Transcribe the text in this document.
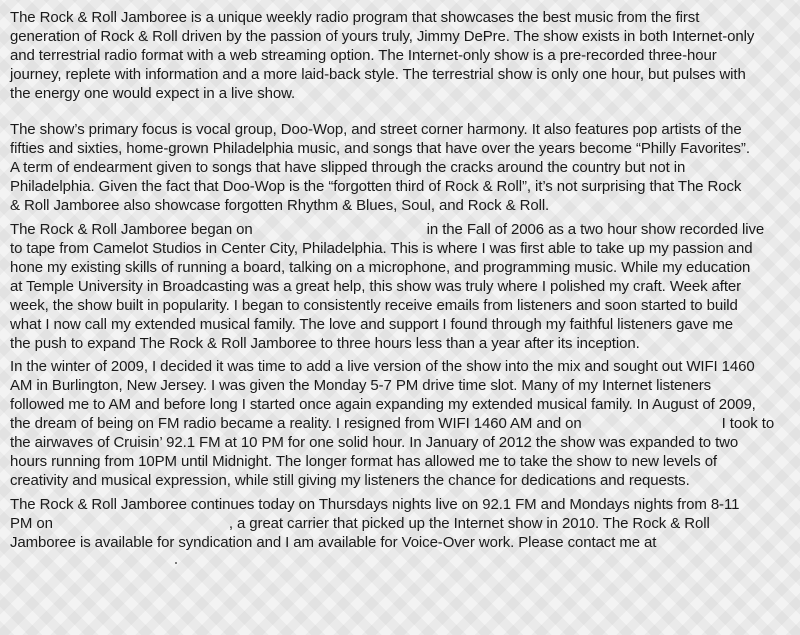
The Rock & Roll Jamboree is a unique weekly radio program that showcases the best music from the first
generation of Rock & Roll driven by the passion of yours truly, Jimmy DePre. The show exists in both Internet-only
and terrestrial radio format with a web streaming option. The Internet-only show is a pre-recorded three-hour
journey, replete with information and a more laid-back style. The terrestrial show is only one hour, but pulses with
the energy one would expect in a live show.

The show’s primary focus is vocal group, Doo-Wop, and street corner harmony. It also features pop artists of the
fifties and sixties, home-grown Philadelphia music, and songs that have over the years become “Philly Favorites”.
A term of endearment given to songs that have slipped through the cracks around the country but not in
Philadelphia. Given the fact that Doo-Wop is the “forgotten third of Rock & Roll”, it’s not surprising that The Rock
& Roll Jamboree also showcase forgotten Rhythm & Blues, Soul, and Rock & Roll.

The Rock & Roll Jamboree began on	in the Fall of 2006 as a two hour show recorded live
to tape from Camelot Studios in Center City, Philadelphia. This is where I was first able to take up my passion and
hone my existing skills of running a board, talking on a microphone, and programming music. While my education
at Temple University in Broadcasting was a great help, this show was truly where I polished my craft. Week after
week, the show built in popularity. I began to consistently receive emails from listeners and soon started to build
what I now call my extended musical family. The love and support I found through my faithful listeners gave me
the push to expand The Rock & Roll Jamboree to three hours less than a year after its inception.

In the winter of 2009, I decided it was time to add a live version of the show into the mix and sought out WIFI 1460
AM in Burlington, New Jersey. I was given the Monday 5-7 PM drive time slot. Many of my Internet listeners
followed me to AM and before long I started once again expanding my extended musical family. In August of 2009,
the dream of being on FM radio became a reality. I resigned from WIFI 1460 AM and on	I took to
the airwaves of Cruisin’ 92.1 FM at 10 PM for one solid hour. In January of 2012 the show was expanded to two
hours running from 10PM until Midnight. The longer format has allowed me to take the show to new levels of
creativity and musical expression, while still giving my listeners the chance for dedications and requests.

The Rock & Roll Jamboree continues today on Thursdays nights live on 92.1 FM and Mondays nights from 8-11
PM on	, a great carrier that picked up the Internet show in 2010. The Rock & Roll
Jamboree is available for syndication and I am available for Voice-Over work. Please contact me at
